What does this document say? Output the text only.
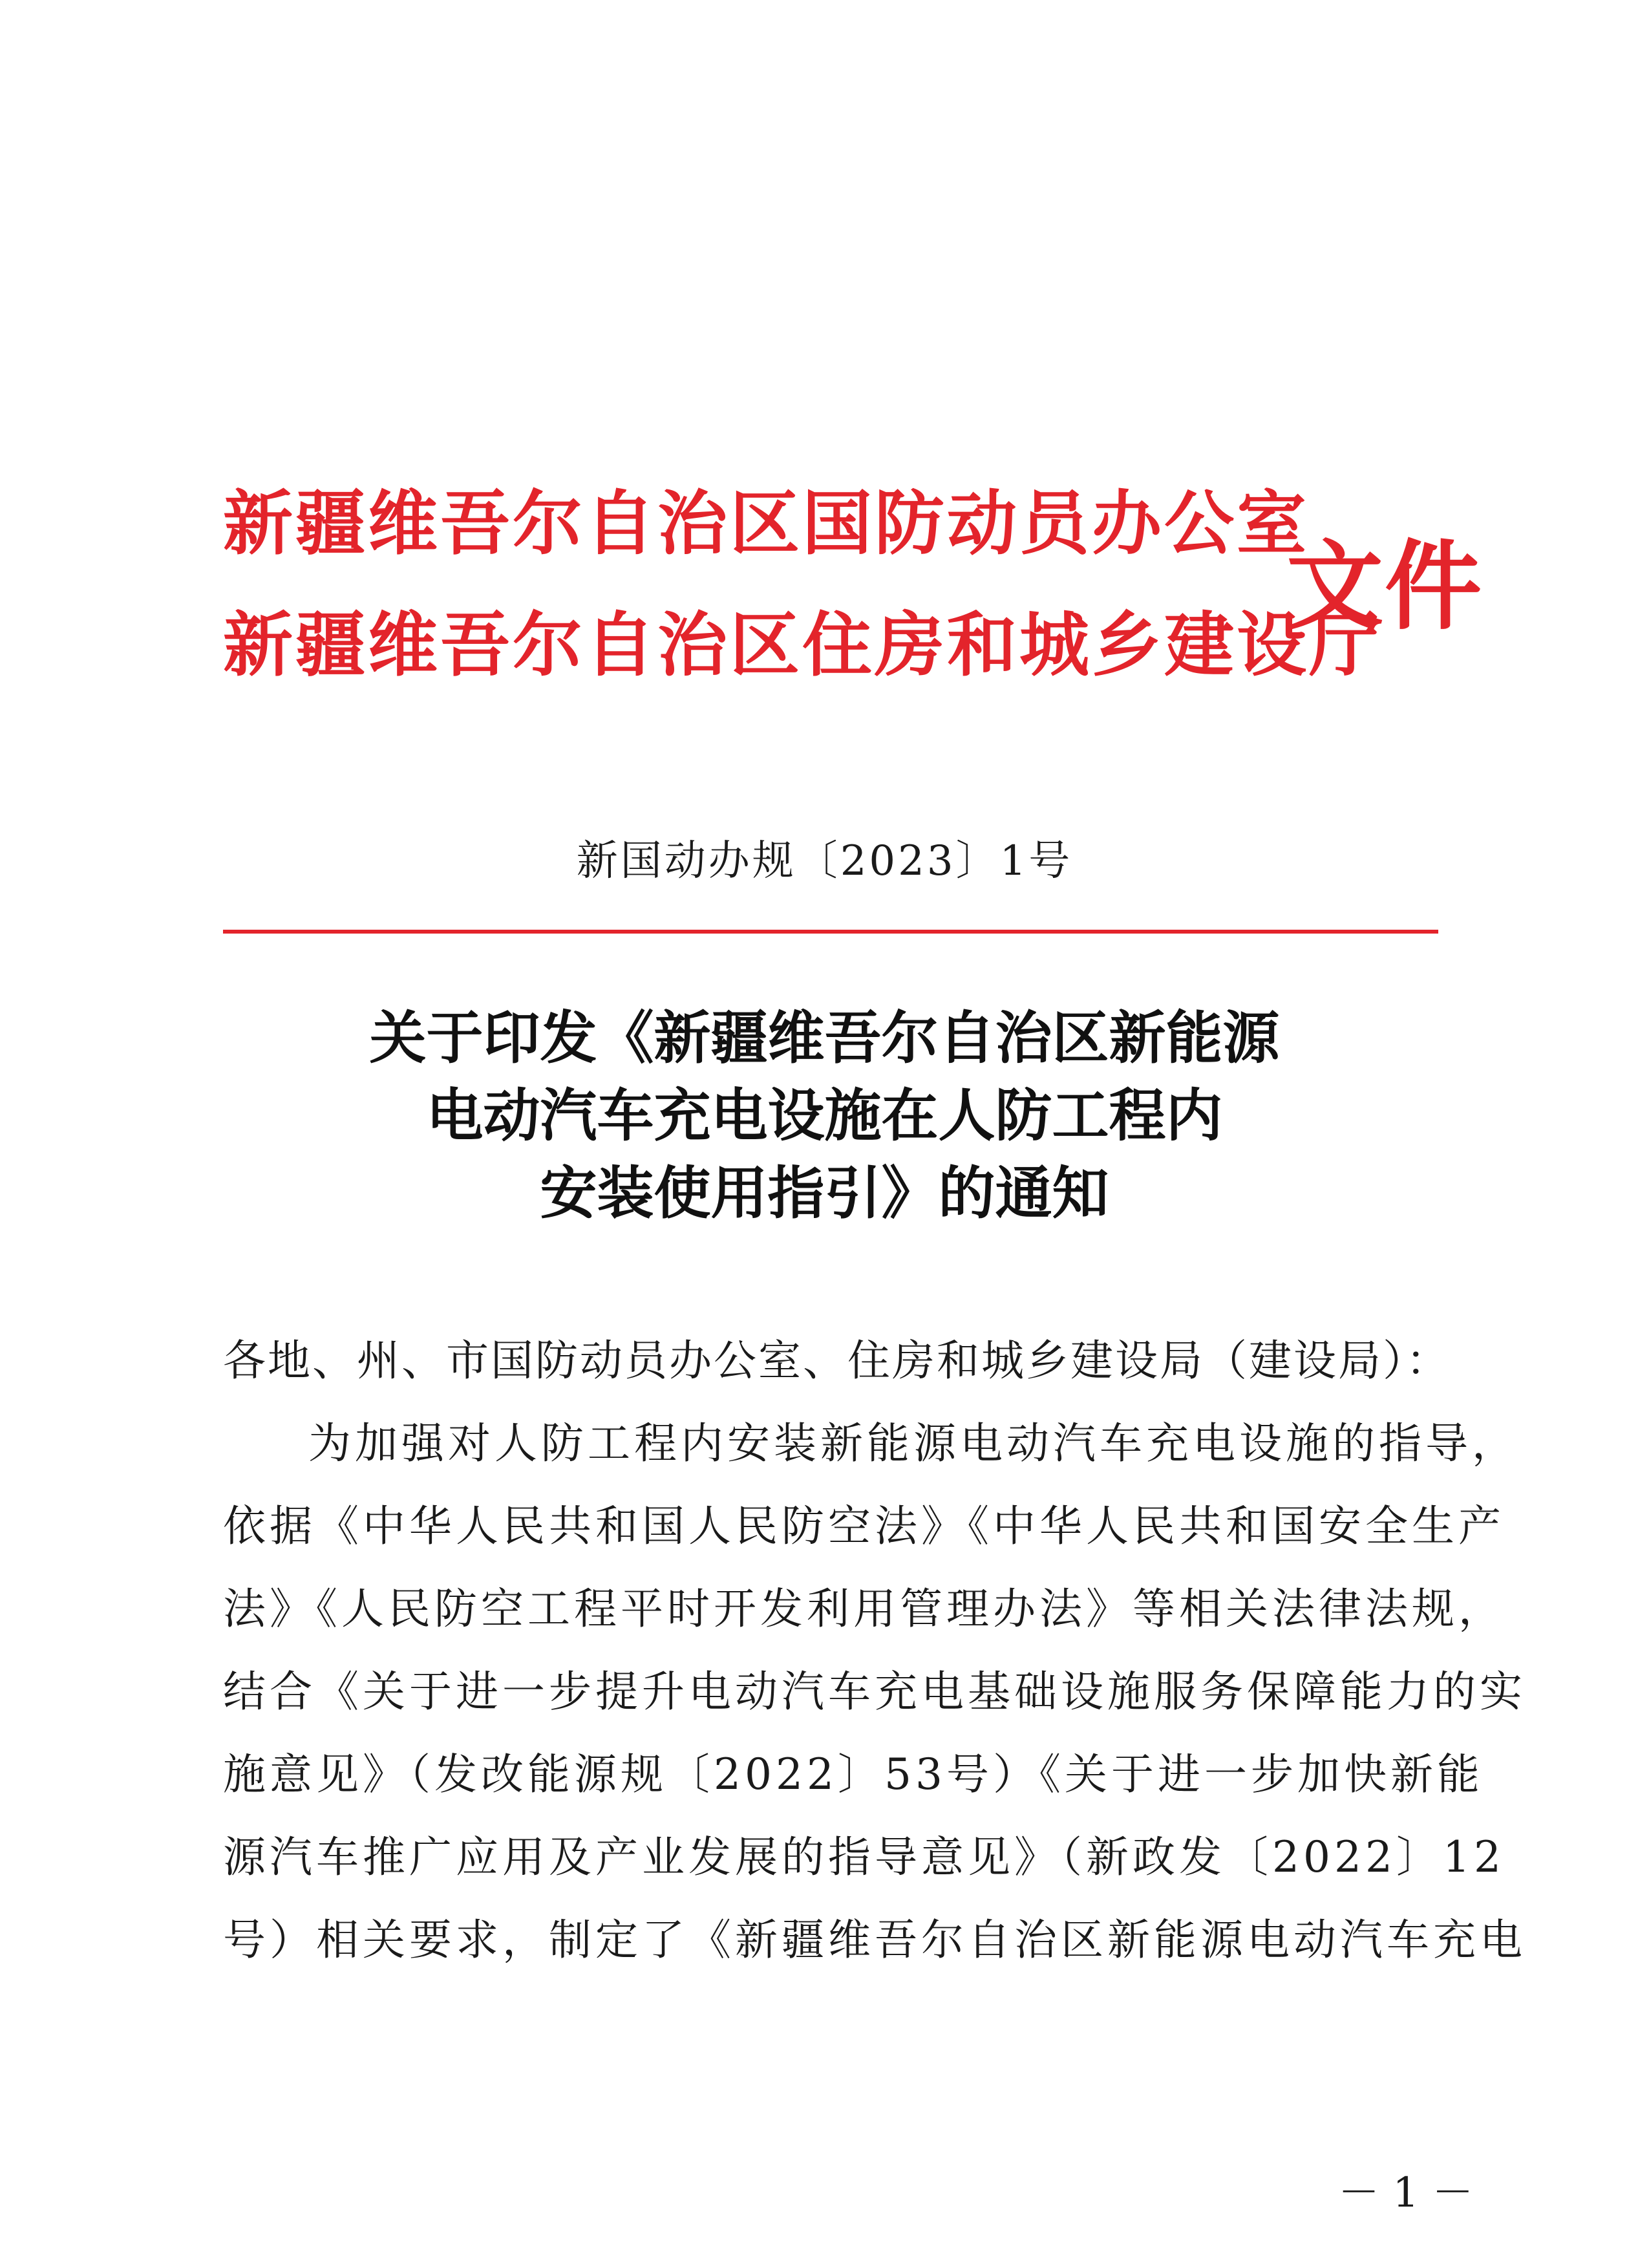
新疆维吾尔自治区国防动员办公室
新疆维吾尔自治区住房和城乡建设厅
文件
新国动办规〔2023〕1号
关于印发《新疆维吾尔自治区新能源
电动汽车充电设施在人防工程内
安装使用指引》的通知
各地、州、市国防动员办公室、住房和城乡建设局（建设局）：
为加强对人防工程内安装新能源电动汽车充电设施的指导，
依据《中华人民共和国人民防空法》《中华人民共和国安全生产
法》《人民防空工程平时开发利用管理办法》等相关法律法规，
结合《关于进一步提升电动汽车充电基础设施服务保障能力的实
施意见》（发改能源规〔2022〕53号）《关于进一步加快新能
源汽车推广应用及产业发展的指导意见》（新政发〔2022〕12
号）相关要求，制定了《新疆维吾尔自治区新能源电动汽车充电
－ 1 －
